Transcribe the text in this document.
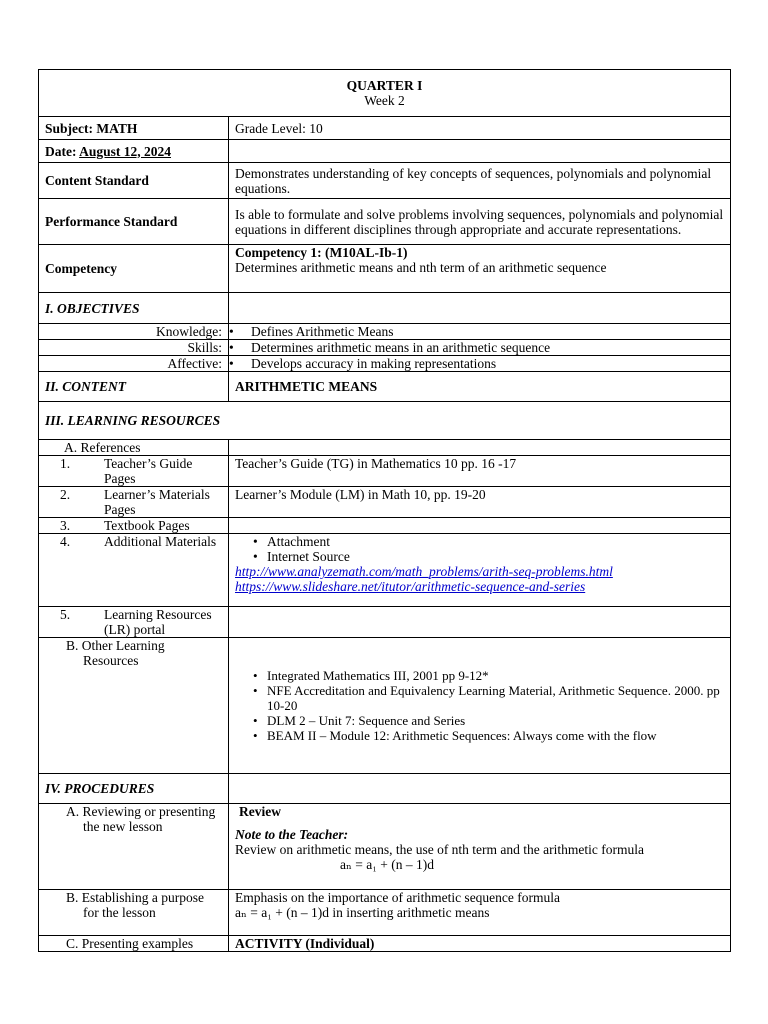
QUARTER I
Week 2	

Subject: MATH	Grade Level: 10
Date: August 12, 2024	
Content Standard	Demonstrates understanding of key concepts of sequences, polynomials and polynomial equations.
Performance Standard	Is able to formulate and solve problems involving sequences, polynomials and polynomial equations in different disciplines through appropriate and accurate representations.
Competency	Competency 1: (M10AL-Ib-1)
Determines arithmetic means and nth term of an arithmetic sequence

I. OBJECTIVES	
Knowledge:	• Defines Arithmetic Means
Skills:	• Determines arithmetic means in an arithmetic sequence
Affective:	• Develops accuracy in making representations
II. CONTENT	ARITHMETIC MEANS
III. LEARNING RESOURCES	
A. References	
1. Teacher’s Guide Pages	Teacher’s Guide (TG) in Mathematics 10 pp. 16 -17
2. Learner’s Materials Pages	Learner’s Module (LM) in Math 10, pp. 19-20
3. Textbook Pages	
4. Additional Materials	• Attachment
• Internet Source
http://www.analyzemath.com/math_problems/arith-seq-problems.html
https://www.slideshare.net/itutor/arithmetic-sequence-and-series

5. Learning Resources (LR) portal	
B. Other Learning Resources	• Integrated Mathematics III, 2001 pp 9-12*
• NFE Accreditation and Equivalency Learning Material, Arithmetic Sequence. 2000. pp 10-20
• DLM 2 – Unit 7: Sequence and Series
• BEAM II – Module 12: Arithmetic Sequences: Always come with the flow

IV. PROCEDURES	
A. Reviewing or presenting the new lesson	Review
Note to the Teacher:
Review on arithmetic means, the use of nth term and the arithmetic formula
aₙ = a₁ + (n – 1)d

B. Establishing a purpose for the lesson	Emphasis on the importance of arithmetic sequence formula
aₙ = a₁ + (n – 1)d in inserting arithmetic means

C. Presenting examples	ACTIVITY (Individual)
